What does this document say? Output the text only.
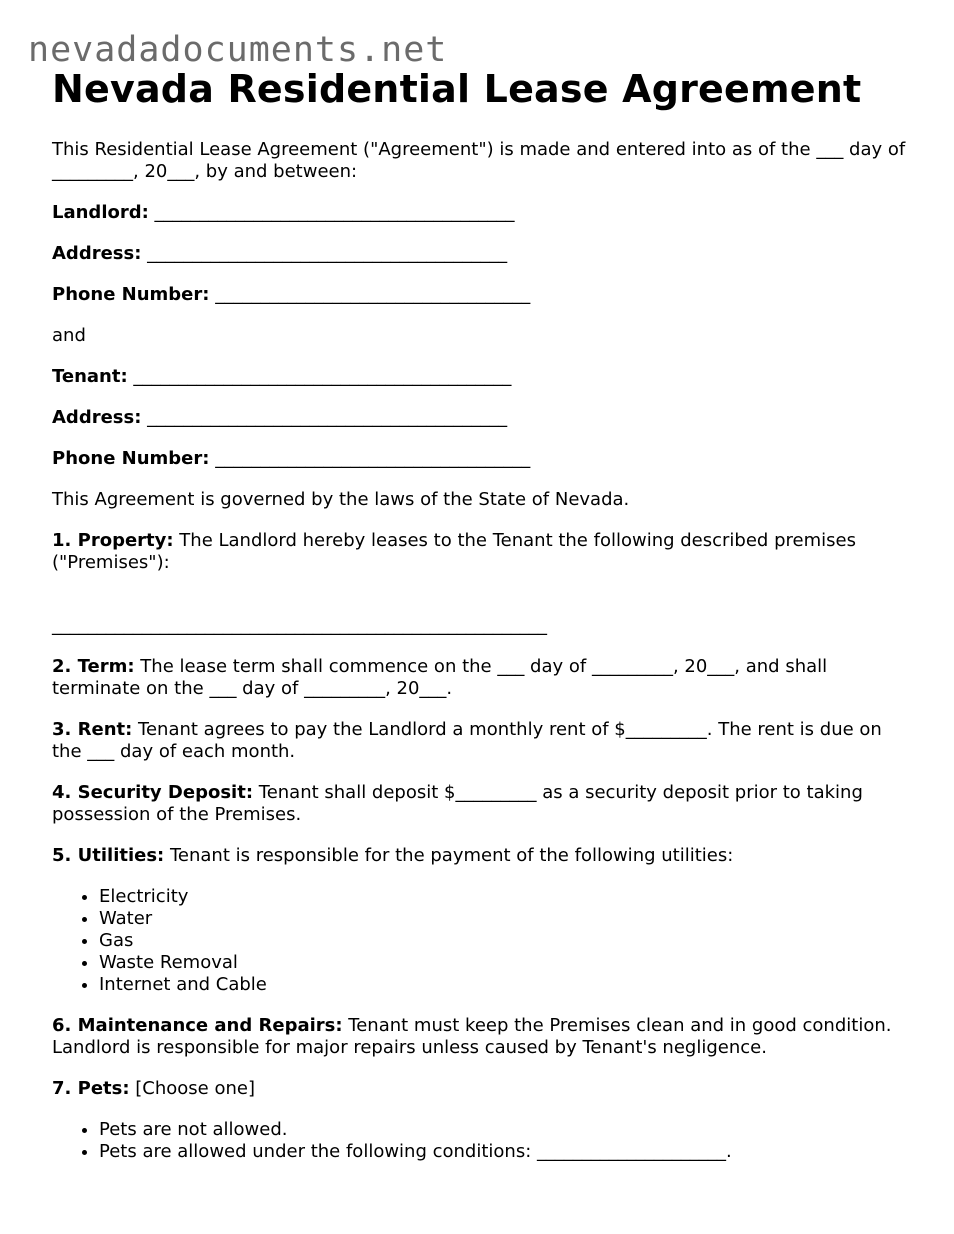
nevadadocuments.net
Nevada Residential Lease Agreement

This Residential Lease Agreement ("Agreement") is made and entered into as of the ___ day of _________, 20___, by and between:

Landlord: ________________________________________

Address: ________________________________________

Phone Number: ___________________________________

and

Tenant: __________________________________________

Address: ________________________________________

Phone Number: ___________________________________

This Agreement is governed by the laws of the State of Nevada.

1. Property: The Landlord hereby leases to the Tenant the following described premises ("Premises"):

_______________________________________________________

2. Term: The lease term shall commence on the ___ day of _________, 20___, and shall terminate on the ___ day of _________, 20___.

3. Rent: Tenant agrees to pay the Landlord a monthly rent of $_________. The rent is due on the ___ day of each month.

4. Security Deposit: Tenant shall deposit $_________ as a security deposit prior to taking possession of the Premises.

5. Utilities: Tenant is responsible for the payment of the following utilities:

• Electricity
• Water
• Gas
• Waste Removal
• Internet and Cable

6. Maintenance and Repairs: Tenant must keep the Premises clean and in good condition. Landlord is responsible for major repairs unless caused by Tenant's negligence.

7. Pets: [Choose one]

• Pets are not allowed.
• Pets are allowed under the following conditions: _____________________.
